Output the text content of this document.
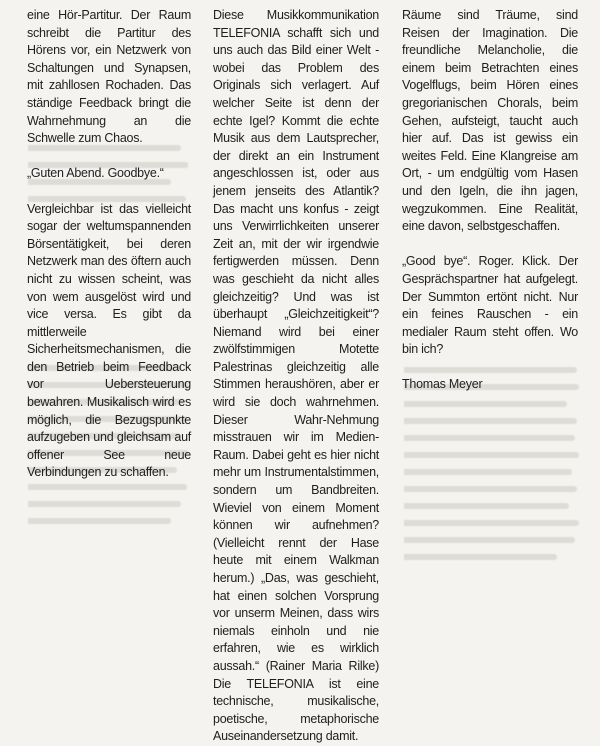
eine Hör-Partitur. Der Raum schreibt die Partitur des Hörens vor, ein Netzwerk von Schaltungen und Synapsen, mit zahllosen Rochaden. Das ständige Feedback bringt die Wahrnehmung an die Schwelle zum Chaos.

„Guten Abend. Goodbye.“

Vergleichbar ist das vielleicht sogar der weltumspannenden Börsentätigkeit, bei deren Netzwerk man des öftern auch nicht zu wissen scheint, was von wem ausgelöst wird und vice versa. Es gibt da mittlerweile Sicherheitsmechanismen, die den Betrieb beim Feedback vor Uebersteuerung bewahren. Musikalisch wird es möglich, die Bezugspunkte aufzugeben und gleichsam auf offener See neue Verbindungen zu schaffen.

Diese Musikkommunikation TELEFONIA schafft sich und uns auch das Bild einer Welt - wobei das Problem des Originals sich verlagert. Auf welcher Seite ist denn der echte Igel? Kommt die echte Musik aus dem Lautsprecher, der direkt an ein Instrument angeschlossen ist, oder aus jenem jenseits des Atlantik? Das macht uns konfus - zeigt uns Verwirrlichkeiten unserer Zeit an, mit der wir irgendwie fertigwerden müssen. Denn was geschieht da nicht alles gleichzeitig? Und was ist überhaupt „Gleichzeitigkeit“? Niemand wird bei einer zwölfstimmigen Motette Palestrinas gleichzeitig alle Stimmen heraushören, aber er wird sie doch wahrnehmen. Dieser Wahr-Nehmung misstrauen wir im Medien-Raum. Dabei geht es hier nicht mehr um Instrumentalstimmen, sondern um Bandbreiten. Wieviel von einem Moment können wir aufnehmen? (Vielleicht rennt der Hase heute mit einem Walkman herum.) „Das, was geschieht, hat einen solchen Vorsprung vor unserm Meinen, dass wirs niemals einholn und nie erfahren, wie es wirklich aussah.“ (Rainer Maria Rilke) Die TELEFONIA ist eine technische, musikalische, poetische, metaphorische Auseinandersetzung damit.

Räume sind Träume, sind Reisen der Imagination. Die freundliche Melancholie, die einem beim Betrachten eines Vogelflugs, beim Hören eines gregorianischen Chorals, beim Gehen, aufsteigt, taucht auch hier auf. Das ist gewiss ein weites Feld. Eine Klangreise am Ort, - um endgültig vom Hasen und den Igeln, die ihn jagen, wegzukommen. Eine Realität, eine davon, selbstgeschaffen.

„Good bye“. Roger. Klick. Der Gesprächspartner hat aufgelegt. Der Summton ertönt nicht. Nur ein feines Rauschen - ein medialer Raum steht offen. Wo bin ich?

Thomas Meyer
